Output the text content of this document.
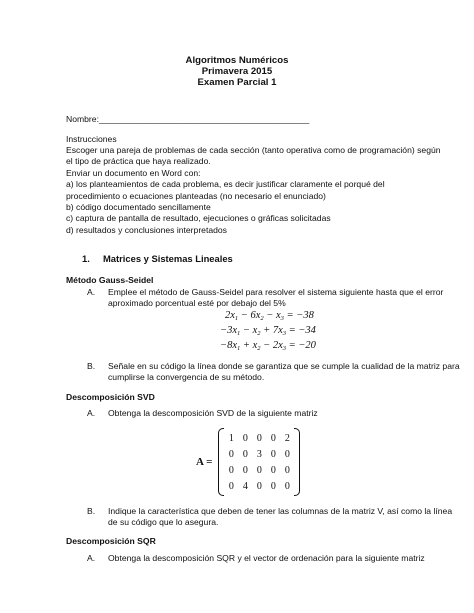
Algoritmos Numéricos
Primavera 2015
Examen Parcial 1
Nombre:____________________________________________
Instrucciones
Escoger una pareja de problemas de cada sección (tanto operativa como de programación) según
el tipo de práctica que haya realizado.
Enviar un documento en Word con:
a) los planteamientos de cada problema, es decir justificar claramente el porqué del
procedimiento o ecuaciones planteadas (no necesario el enunciado)
b) código documentado sencillamente
c) captura de pantalla de resultado, ejecuciones o gráficas solicitadas
d) resultados y conclusiones interpretados
1. Matrices y Sistemas Lineales
Método Gauss-Seidel
A. Emplee el método de Gauss-Seidel para resolver el sistema siguiente hasta que el error
aproximado porcentual esté por debajo del 5%
$2x_1 - 6x_2 - x_3 = -38$
$-3x_1 - x_2 + 7x_3 = -34$
$-8x_1 + x_2 - 2x_3 = -20$
B. Señale en su código la línea donde se garantiza que se cumple la cualidad de la matriz para
cumplirse la convergencia de su método.
Descomposición SVD
A. Obtenga la descomposición SVD de la siguiente matriz
A =
1	0	0	0	2
0	0	3	0	0
0	0	0	0	0
0	4	0	0	0
B. Indique la característica que deben de tener las columnas de la matriz V, así como la línea
de su código que lo asegura.
Descomposición SQR
A. Obtenga la descomposición SQR y el vector de ordenación para la siguiente matriz
